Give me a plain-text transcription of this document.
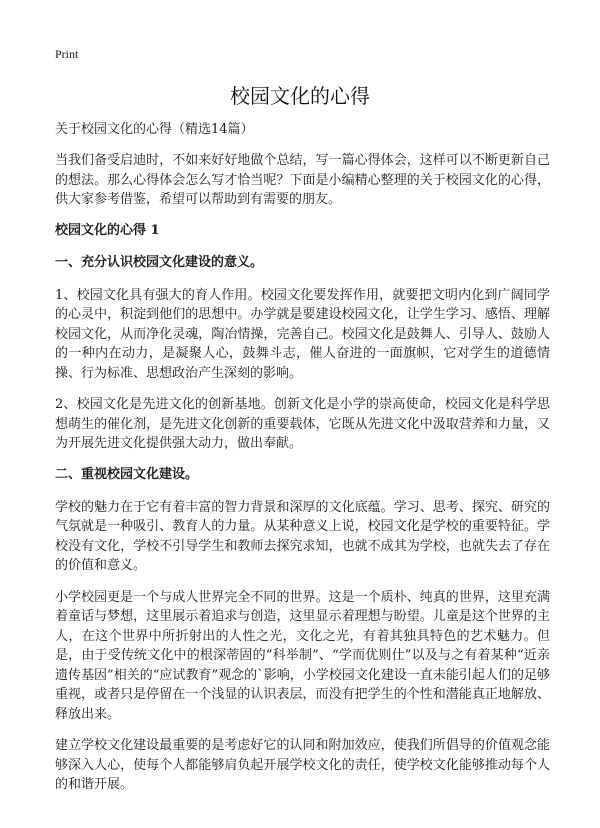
Print
校园文化的心得
关于校园文化的心得（精选14篇）

当我们备受启迪时，不如来好好地做个总结，写一篇心得体会，这样可以不断更新自己的想法。那么心得体会怎么写才恰当呢？下面是小编精心整理的关于校园文化的心得，供大家参考借鉴，希望可以帮助到有需要的朋友。

校园文化的心得 1
一、充分认识校园文化建设的意义。

1、校园文化具有强大的育人作用。校园文化要发挥作用，就要把文明内化到广阔同学的心灵中，积淀到他们的思想中。办学就是要建设校园文化，让学生学习、感悟、理解校园文化，从而净化灵魂，陶冶情操，完善自己。校园文化是鼓舞人、引导人、鼓励人的一种内在动力，是凝聚人心，鼓舞斗志，催人奋进的一面旗帜，它对学生的道德情操、行为标准、思想政治产生深刻的影响。

2、校园文化是先进文化的创新基地。创新文化是小学的崇高使命，校园文化是科学思想萌生的催化剂，是先进文化创新的重要载体，它既从先进文化中汲取营养和力量，又为开展先进文化提供强大动力，做出奉献。

二、重视校园文化建设。

学校的魅力在于它有着丰富的智力背景和深厚的文化底蕴。学习、思考、探究、研究的气氛就是一种吸引、教育人的力量。从某种意义上说，校园文化是学校的重要特征。学校没有文化，学校不引导学生和教师去探究求知，也就不成其为学校，也就失去了存在的价值和意义。

小学校园更是一个与成人世界完全不同的世界。这是一个质朴、纯真的世界，这里充满着童话与梦想，这里展示着追求与创造，这里显示着理想与盼望。儿童是这个世界的主人，在这个世界中所折射出的人性之光，文化之光，有着其独具特色的艺术魅力。但是，由于受传统文化中的根深蒂固的“科举制”、“学而优则仕”以及与之有着某种“近亲遗传基因”相关的“应试教育”观念的`影响，小学校园文化建设一直未能引起人们的足够重视，或者只是停留在一个浅显的认识表层，而没有把学生的个性和潜能真正地解放、释放出来。

建立学校文化建设最重要的是考虑好它的认同和附加效应，使我们所倡导的价值观念能够深入人心，使每个人都能够肩负起开展学校文化的责任，使学校文化能够推动每个人的和谐开展。
